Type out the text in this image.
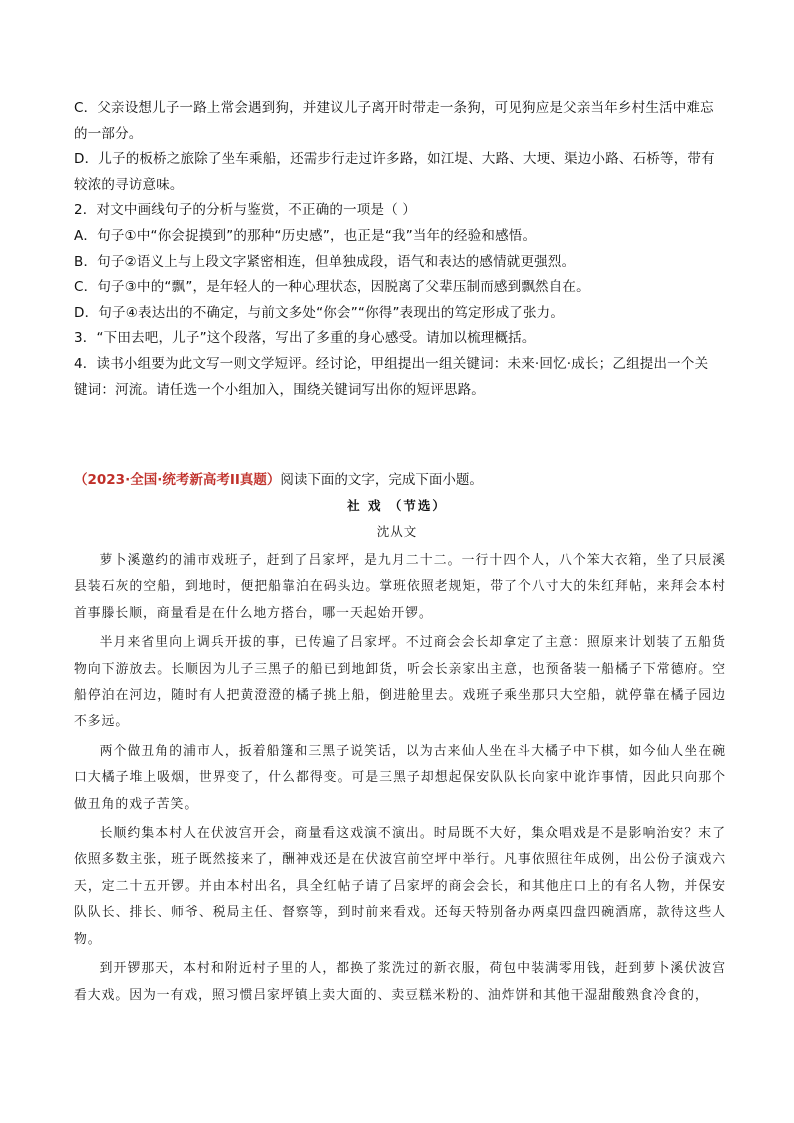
C．父亲设想儿子一路上常会遇到狗，并建议儿子离开时带走一条狗，可见狗应是父亲当年乡村生活中难忘

的一部分。

D．儿子的板桥之旅除了坐车乘船，还需步行走过许多路，如江堤、大路、大埂、渠边小路、石桥等，带有

较浓的寻访意味。

2．对文中画线句子的分析与鉴赏，不正确的一项是（ ）

A．句子①中“你会捉摸到”的那种“历史感”，也正是“我”当年的经验和感悟。

B．句子②语义上与上段文字紧密相连，但单独成段，语气和表达的感情就更强烈。

C．句子③中的“飘”，是年轻人的一种心理状态，因脱离了父辈压制而感到飘然自在。

D．句子④表达出的不确定，与前文多处“你会”“你得”表现出的笃定形成了张力。

3．“下田去吧，儿子”这个段落，写出了多重的身心感受。请加以梳理概括。

4．读书小组要为此文写一则文学短评。经讨论，甲组提出一组关键词：未来·回忆·成长；乙组提出一个关

键词：河流。请任选一个小组加入，围绕关键词写出你的短评思路。

（2023·全国·统考新高考II真题）阅读下面的文字，完成下面小题。
社 戏 （节选）
沈从文

萝卜溪邀约的浦市戏班子，赶到了吕家坪，是九月二十二。一行十四个人，八个笨大衣箱，坐了只辰溪县装石灰的空船，到地时，便把船靠泊在码头边。掌班依照老规矩，带了个八寸大的朱红拜帖，来拜会本村首事滕长顺，商量看是在什么地方搭台，哪一天起始开锣。

半月来省里向上调兵开拔的事，已传遍了吕家坪。不过商会会长却拿定了主意：照原来计划装了五船货物向下游放去。长顺因为儿子三黑子的船已到地卸货，听会长亲家出主意，也预备装一船橘子下常德府。空船停泊在河边，随时有人把黄澄澄的橘子挑上船，倒进舱里去。戏班子乘坐那只大空船，就停靠在橘子园边不多远。

两个做丑角的浦市人，扳着船篷和三黑子说笑话，以为古来仙人坐在斗大橘子中下棋，如今仙人坐在碗口大橘子堆上吸烟，世界变了，什么都得变。可是三黑子却想起保安队队长向家中讹诈事情，因此只向那个做丑角的戏子苦笑。

长顺约集本村人在伏波宫开会，商量看这戏演不演出。时局既不大好，集众唱戏是不是影响治安？末了依照多数主张，班子既然接来了，酬神戏还是在伏波宫前空坪中举行。凡事依照往年成例，出公份子演戏六天，定二十五开锣。并由本村出名，具全红帖子请了吕家坪的商会会长，和其他庄口上的有名人物，并保安队队长、排长、师爷、税局主任、督察等，到时前来看戏。还每天特别备办两桌四盘四碗酒席，款待这些人物。

到开锣那天，本村和附近村子里的人，都换了浆洗过的新衣服，荷包中装满零用钱，赶到萝卜溪伏波宫看大戏。因为一有戏，照习惯吕家坪镇上卖大面的、卖豆糕米粉的、油炸饼和其他干湿甜酸熟食冷食的，
